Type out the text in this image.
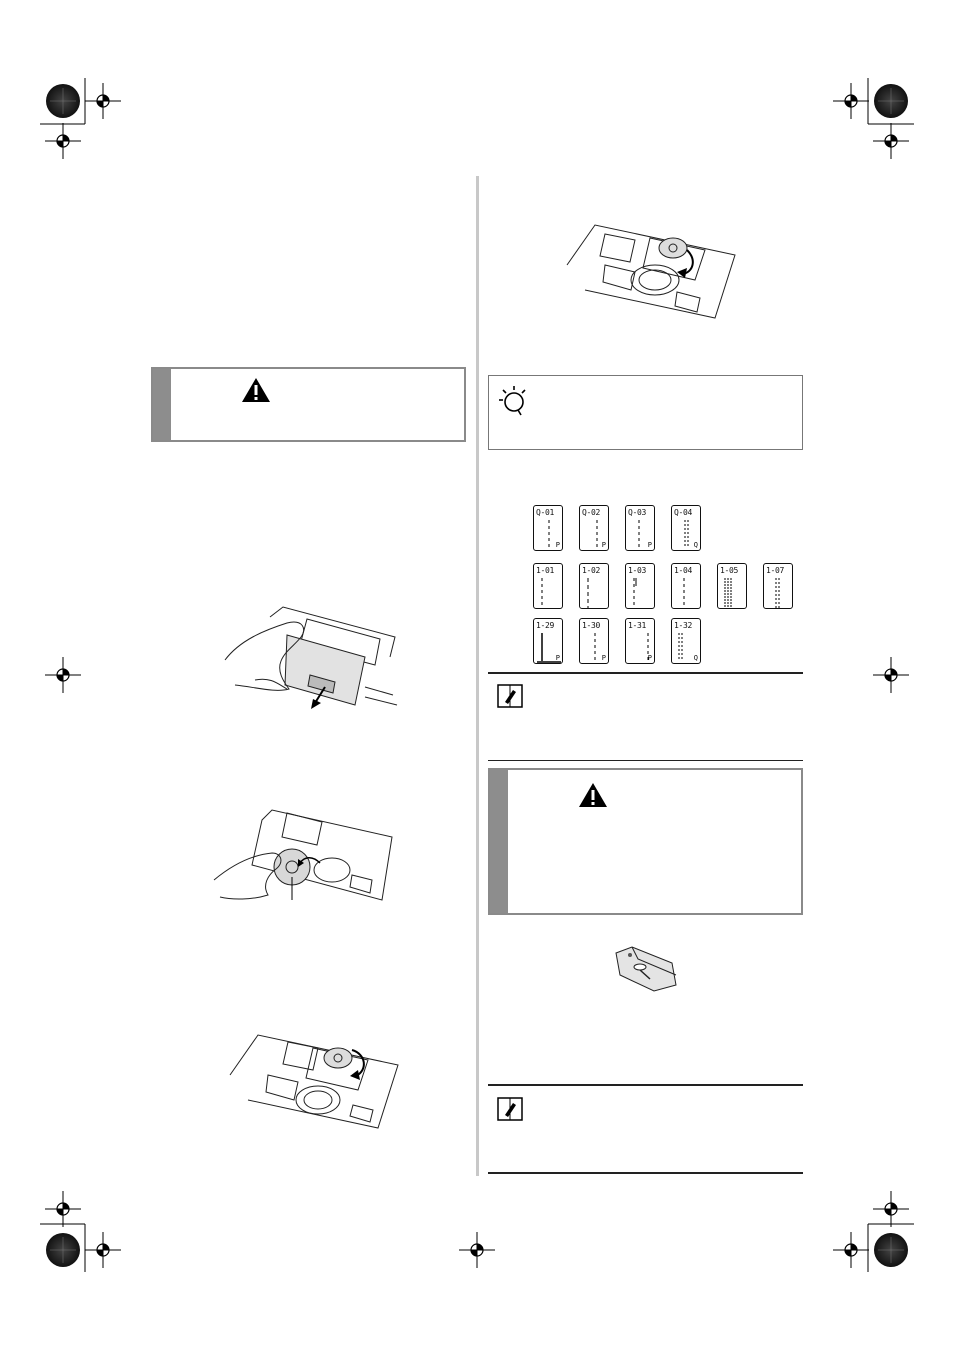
Q-01
P
Q-02
P
Q-03
P
Q-04
Q
1-01	1-02	1-03	1-04	1-05	1-07
1-29
P
1-30
P
1-31
P
1-32
Q
